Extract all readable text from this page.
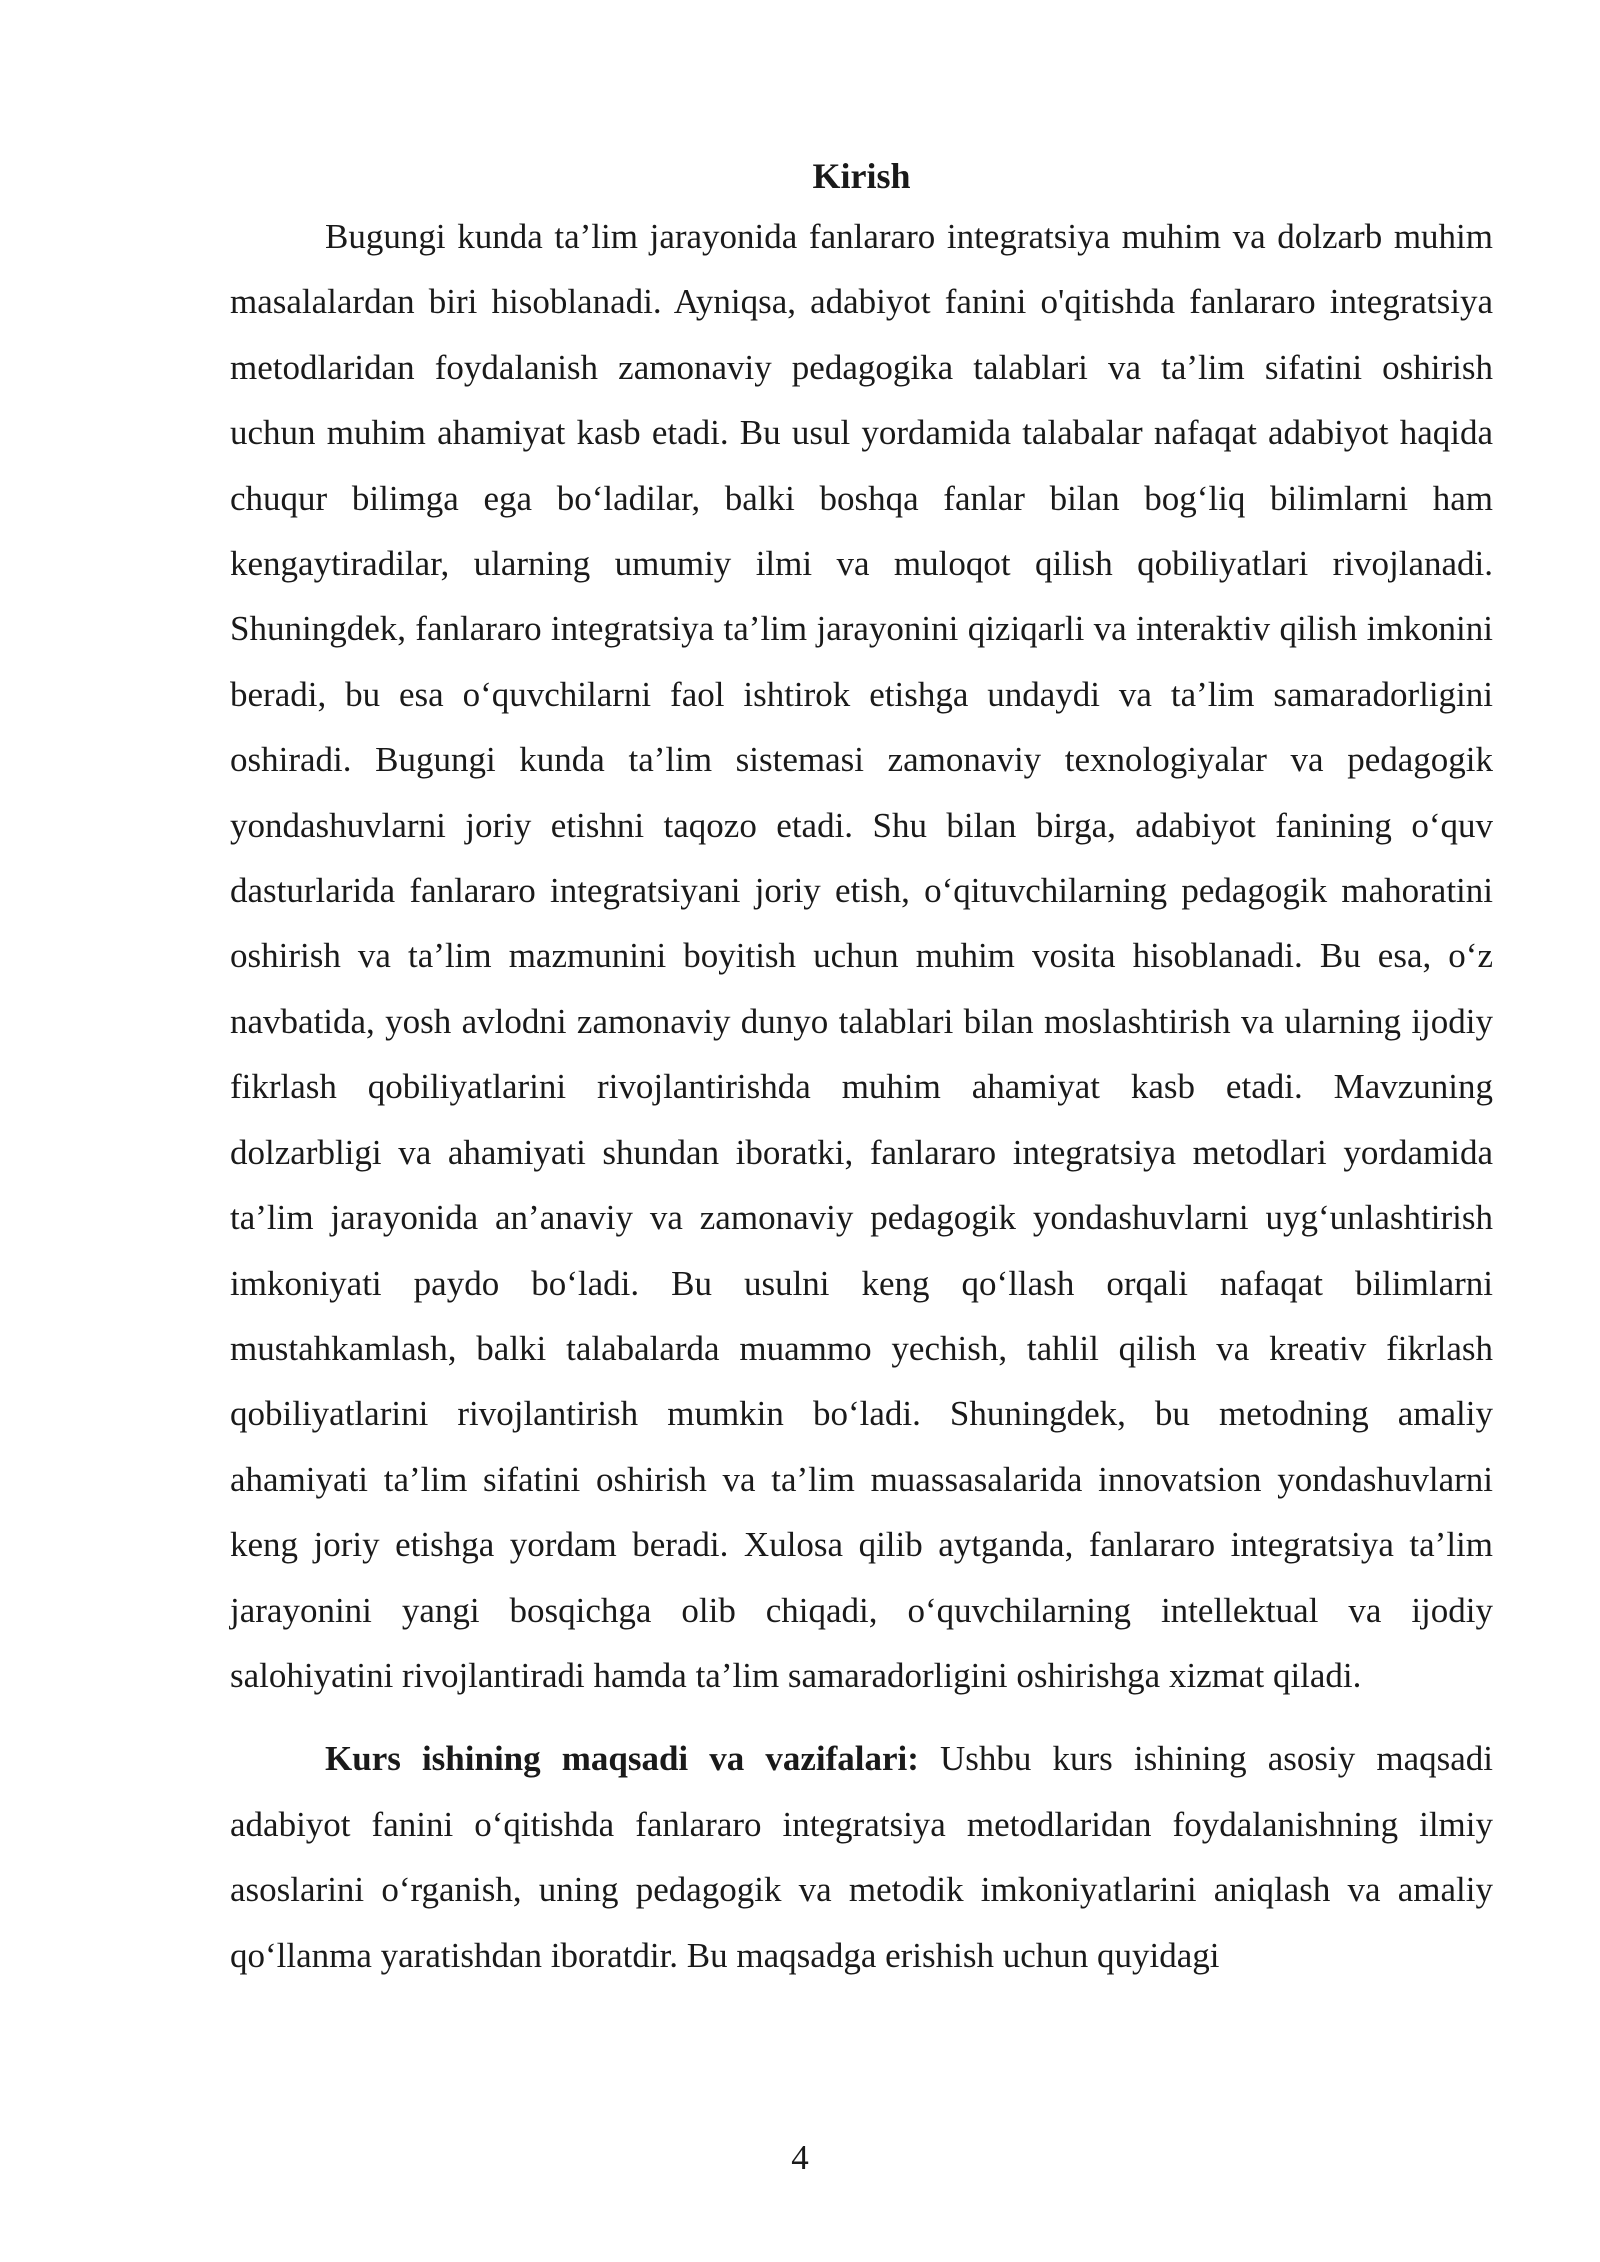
Kirish

Bugungi kunda ta’lim jarayonida fanlararo integratsiya muhim va dolzarb muhim masalalardan biri hisoblanadi. Ayniqsa, adabiyot fanini o'qitishda fanlararo integratsiya metodlaridan foydalanish zamonaviy pedagogika talablari va ta’lim sifatini oshirish uchun muhim ahamiyat kasb etadi. Bu usul yordamida talabalar nafaqat adabiyot haqida chuqur bilimga ega bo‘ladilar, balki boshqa fanlar bilan bog‘liq bilimlarni ham kengaytiradilar, ularning umumiy ilmi va muloqot qilish qobiliyatlari rivojlanadi. Shuningdek, fanlararo integratsiya ta’lim jarayonini qiziqarli va interaktiv qilish imkonini beradi, bu esa o‘quvchilarni faol ishtirok etishga undaydi va ta’lim samaradorligini oshiradi. Bugungi kunda ta’lim sistemasi zamonaviy texnologiyalar va pedagogik yondashuvlarni joriy etishni taqozo etadi. Shu bilan birga, adabiyot fanining o‘quv dasturlarida fanlararo integratsiyani joriy etish, o‘qituvchilarning pedagogik mahoratini oshirish va ta’lim mazmunini boyitish uchun muhim vosita hisoblanadi. Bu esa, o‘z navbatida, yosh avlodni zamonaviy dunyo talablari bilan moslashtirish va ularning ijodiy fikrlash qobiliyatlarini rivojlantirishda muhim ahamiyat kasb etadi. Mavzuning dolzarbligi va ahamiyati shundan iboratki, fanlararo integratsiya metodlari yordamida ta’lim jarayonida an’anaviy va zamonaviy pedagogik yondashuvlarni uyg‘unlashtirish imkoniyati paydo bo‘ladi. Bu usulni keng qo‘llash orqali nafaqat bilimlarni mustahkamlash, balki talabalarda muammo yechish, tahlil qilish va kreativ fikrlash qobiliyatlarini rivojlantirish mumkin bo‘ladi. Shuningdek, bu metodning amaliy ahamiyati ta’lim sifatini oshirish va ta’lim muassasalarida innovatsion yondashuvlarni keng joriy etishga yordam beradi. Xulosa qilib aytganda, fanlararo integratsiya ta’lim jarayonini yangi bosqichga olib chiqadi, o‘quvchilarning intellektual va ijodiy salohiyatini rivojlantiradi hamda ta’lim samaradorligini oshirishga xizmat qiladi.

Kurs ishining maqsadi va vazifalari: Ushbu kurs ishining asosiy maqsadi adabiyot fanini o‘qitishda fanlararo integratsiya metodlaridan foydalanishning ilmiy asoslarini o‘rganish, uning pedagogik va metodik imkoniyatlarini aniqlash va amaliy qo‘llanma yaratishdan iboratdir. Bu maqsadga erishish uchun quyidagi

4
